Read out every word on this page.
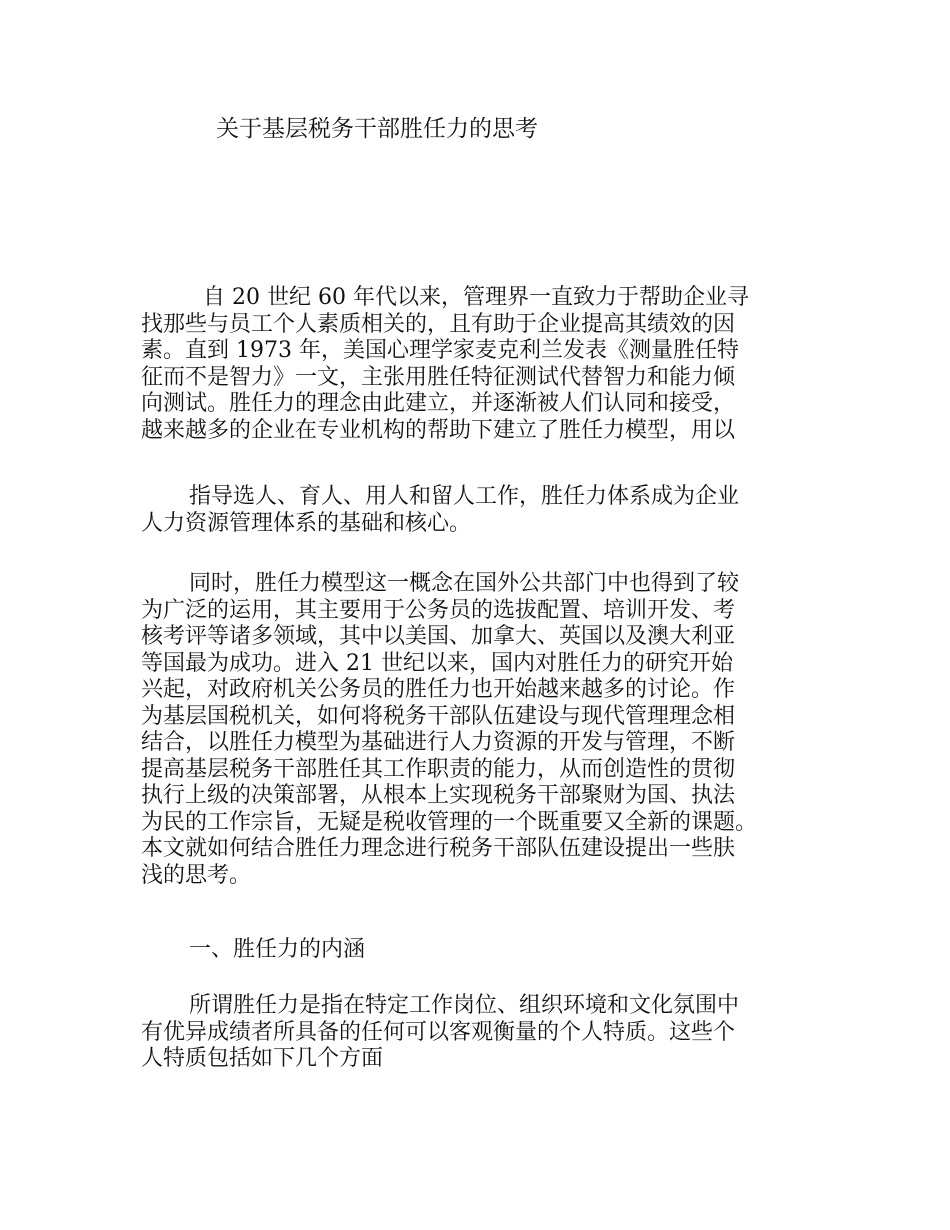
关于基层税务干部胜任力的思考
自 20 世纪 60 年代以来，管理界一直致力于帮助企业寻
找那些与员工个人素质相关的，且有助于企业提高其绩效的因
素。直到 1973 年，美国心理学家麦克利兰发表《测量胜任特
征而不是智力》一文，主张用胜任特征测试代替智力和能力倾
向测试。胜任力的理念由此建立，并逐渐被人们认同和接受，
越来越多的企业在专业机构的帮助下建立了胜任力模型，用以
指导选人、育人、用人和留人工作，胜任力体系成为企业
人力资源管理体系的基础和核心。
同时，胜任力模型这一概念在国外公共部门中也得到了较
为广泛的运用，其主要用于公务员的选拔配置、培训开发、考
核考评等诸多领域，其中以美国、加拿大、英国以及澳大利亚
等国最为成功。进入 21 世纪以来，国内对胜任力的研究开始
兴起，对政府机关公务员的胜任力也开始越来越多的讨论。作
为基层国税机关，如何将税务干部队伍建设与现代管理理念相
结合，以胜任力模型为基础进行人力资源的开发与管理，不断
提高基层税务干部胜任其工作职责的能力，从而创造性的贯彻
执行上级的决策部署，从根本上实现税务干部聚财为国、执法
为民的工作宗旨，无疑是税收管理的一个既重要又全新的课题。
本文就如何结合胜任力理念进行税务干部队伍建设提出一些肤
浅的思考。
一、胜任力的内涵
所谓胜任力是指在特定工作岗位、组织环境和文化氛围中
有优异成绩者所具备的任何可以客观衡量的个人特质。这些个
人特质包括如下几个方面
